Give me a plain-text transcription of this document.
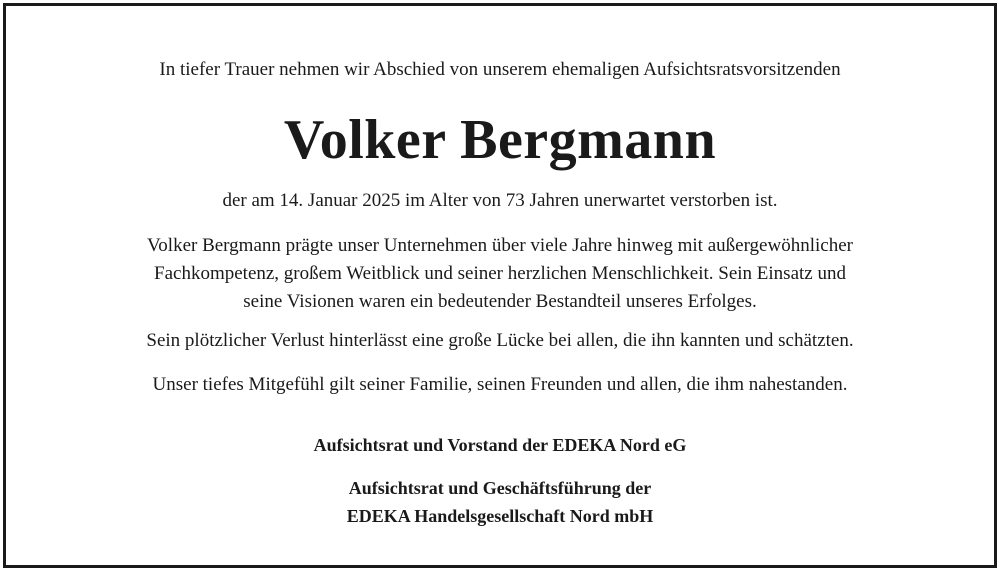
In tiefer Trauer nehmen wir Abschied von unserem ehemaligen Aufsichtsratsvorsitzenden
Volker Bergmann
der am 14. Januar 2025 im Alter von 73 Jahren unerwartet verstorben ist.
Volker Bergmann prägte unser Unternehmen über viele Jahre hinweg mit außergewöhnlicher
Fachkompetenz, großem Weitblick und seiner herzlichen Menschlichkeit. Sein Einsatz und
seine Visionen waren ein bedeutender Bestandteil unseres Erfolges.
Sein plötzlicher Verlust hinterlässt eine große Lücke bei allen, die ihn kannten und schätzten.
Unser tiefes Mitgefühl gilt seiner Familie, seinen Freunden und allen, die ihm nahestanden.
Aufsichtsrat und Vorstand der EDEKA Nord eG
Aufsichtsrat und Geschäftsführung der
EDEKA Handelsgesellschaft Nord mbH
